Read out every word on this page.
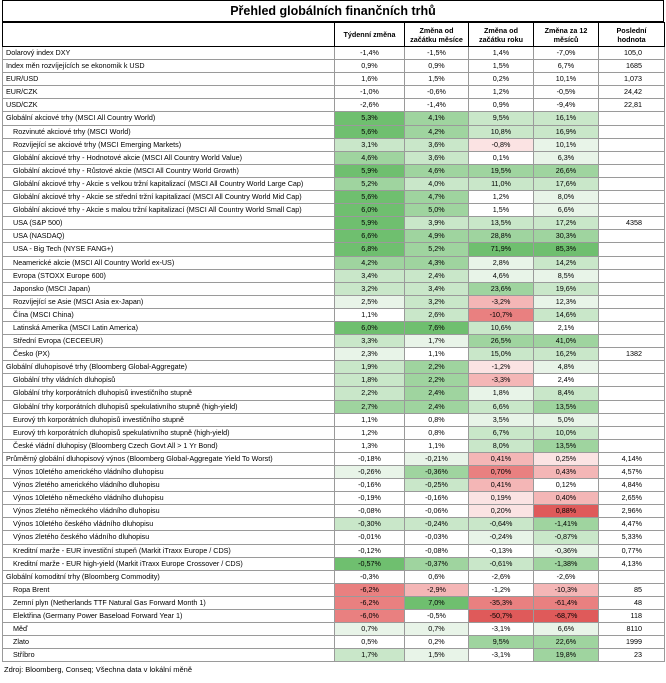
Přehled globálních finančních trhů
	Týdenní změna	Změna od začátku měsíce	Změna od začátku roku	Změna za 12 měsíců	Poslední hodnota
Dolarový index DXY	-1,4%	-1,5%	1,4%	-7,0%	105,0
Index měn rozvíjejících se ekonomik k USD	0,9%	0,9%	1,5%	6,7%	1685
EUR/USD	1,6%	1,5%	0,2%	10,1%	1,073
EUR/CZK	-1,0%	-0,6%	1,2%	-0,5%	24,42
USD/CZK	-2,6%	-1,4%	0,9%	-9,4%	22,81
Globální akciové trhy (MSCI All Country World)	5,3%	4,1%	9,5%	16,1%	
Rozvinuté akciové trhy (MSCI World)	5,6%	4,2%	10,8%	16,9%	
Rozvíjející se akciové trhy (MSCI Emerging Markets)	3,1%	3,6%	-0,8%	10,1%	
Globální akciové trhy - Hodnotové akcie (MSCI All Country World Value)	4,6%	3,6%	0,1%	6,3%	
Globální akciové trhy - Růstové akcie (MSCI All Country World Growth)	5,9%	4,6%	19,5%	26,6%	
Globální akciové trhy - Akcie s velkou tržní kapitalizací (MSCI All Country World Large Cap)	5,2%	4,0%	11,0%	17,6%	
Globální akciové trhy - Akcie se střední tržní kapitalizací (MSCI All Country World Mid Cap)	5,6%	4,7%	1,2%	8,0%	
Globální akciové trhy - Akcie s malou tržní kapitalizací (MSCI All Country World Small Cap)	6,0%	5,0%	1,5%	6,6%	
USA (S&P 500)	5,9%	3,9%	13,5%	17,2%	4358
USA (NASDAQ)	6,6%	4,9%	28,8%	30,3%	
USA - Big Tech (NYSE FANG+)	6,8%	5,2%	71,9%	85,3%	
Neamerické akcie (MSCI All Country World ex-US)	4,2%	4,3%	2,8%	14,2%	
Evropa (STOXX Europe 600)	3,4%	2,4%	4,6%	8,5%	
Japonsko (MSCI Japan)	3,2%	3,4%	23,6%	19,6%	
Rozvíjející se Asie (MSCI Asia ex-Japan)	2,5%	3,2%	-3,2%	12,3%	
Čína (MSCI China)	1,1%	2,6%	-10,7%	14,6%	
Latinská Amerika (MSCI Latin America)	6,0%	7,6%	10,6%	2,1%	
Střední Evropa (CECEEUR)	3,3%	1,7%	26,5%	41,0%	
Česko (PX)	2,3%	1,1%	15,0%	16,2%	1382
Globální dluhopisové trhy (Bloomberg Global-Aggregate)	1,9%	2,2%	-1,2%	4,8%	
Globální trhy vládních dluhopisů	1,8%	2,2%	-3,3%	2,4%	
Globální trhy korporátních dluhopisů investičního stupně	2,2%	2,4%	1,8%	8,4%	
Globální trhy korporátních dluhopisů spekulativního stupně (high-yield)	2,7%	2,4%	6,6%	13,5%	
Eurový trh korporátních dluhopisů investičního stupně	1,1%	0,8%	3,5%	5,0%	
Eurový trh korporátních dluhopisů spekulativního stupně (high-yield)	1,2%	0,8%	6,7%	10,0%	
České vládní dluhopisy (Bloomberg Czech Govt All > 1 Yr Bond)	1,3%	1,1%	8,0%	13,5%	
Průměrný globální dluhopisový výnos (Bloomberg Global-Aggregate Yield To Worst)	-0,18%	-0,21%	0,41%	0,25%	4,14%
Výnos 10letého amerického vládního dluhopisu	-0,26%	-0,36%	0,70%	0,43%	4,57%
Výnos 2letého amerického vládního dluhopisu	-0,16%	-0,25%	0,41%	0,12%	4,84%
Výnos 10letého německého vládního dluhopisu	-0,19%	-0,16%	0,19%	0,40%	2,65%
Výnos 2letého německého vládního dluhopisu	-0,08%	-0,06%	0,20%	0,88%	2,96%
Výnos 10letého českého vládního dluhopisu	-0,30%	-0,24%	-0,64%	-1,41%	4,47%
Výnos 2letého českého vládního dluhopisu	-0,01%	-0,03%	-0,24%	-0,87%	5,33%
Kreditní marže - EUR investiční stupeň (Markit iTraxx Europe / CDS)	-0,12%	-0,08%	-0,13%	-0,36%	0,77%
Kreditní marže - EUR high-yield (Markit iTraxx Europe Crossover / CDS)	-0,57%	-0,37%	-0,61%	-1,38%	4,13%
Globální komoditní trhy (Bloomberg Commodity)	-0,3%	0,6%	-2,6%	-2,6%	
Ropa Brent	-6,2%	-2,9%	-1,2%	-10,3%	85
Zemní plyn (Netherlands TTF Natural Gas Forward Month 1)	-6,2%	7,0%	-35,3%	-61,4%	48
Elektřina (Germany Power Baseload Forward Year 1)	-6,0%	-0,5%	-50,7%	-68,7%	118
Měď	0,7%	0,7%	-3,1%	6,6%	8110
Zlato	0,5%	0,2%	9,5%	22,6%	1999
Stříbro	1,7%	1,5%	-3,1%	19,8%	23
Zdroj: Bloomberg, Conseq; Všechna data v lokální měně
